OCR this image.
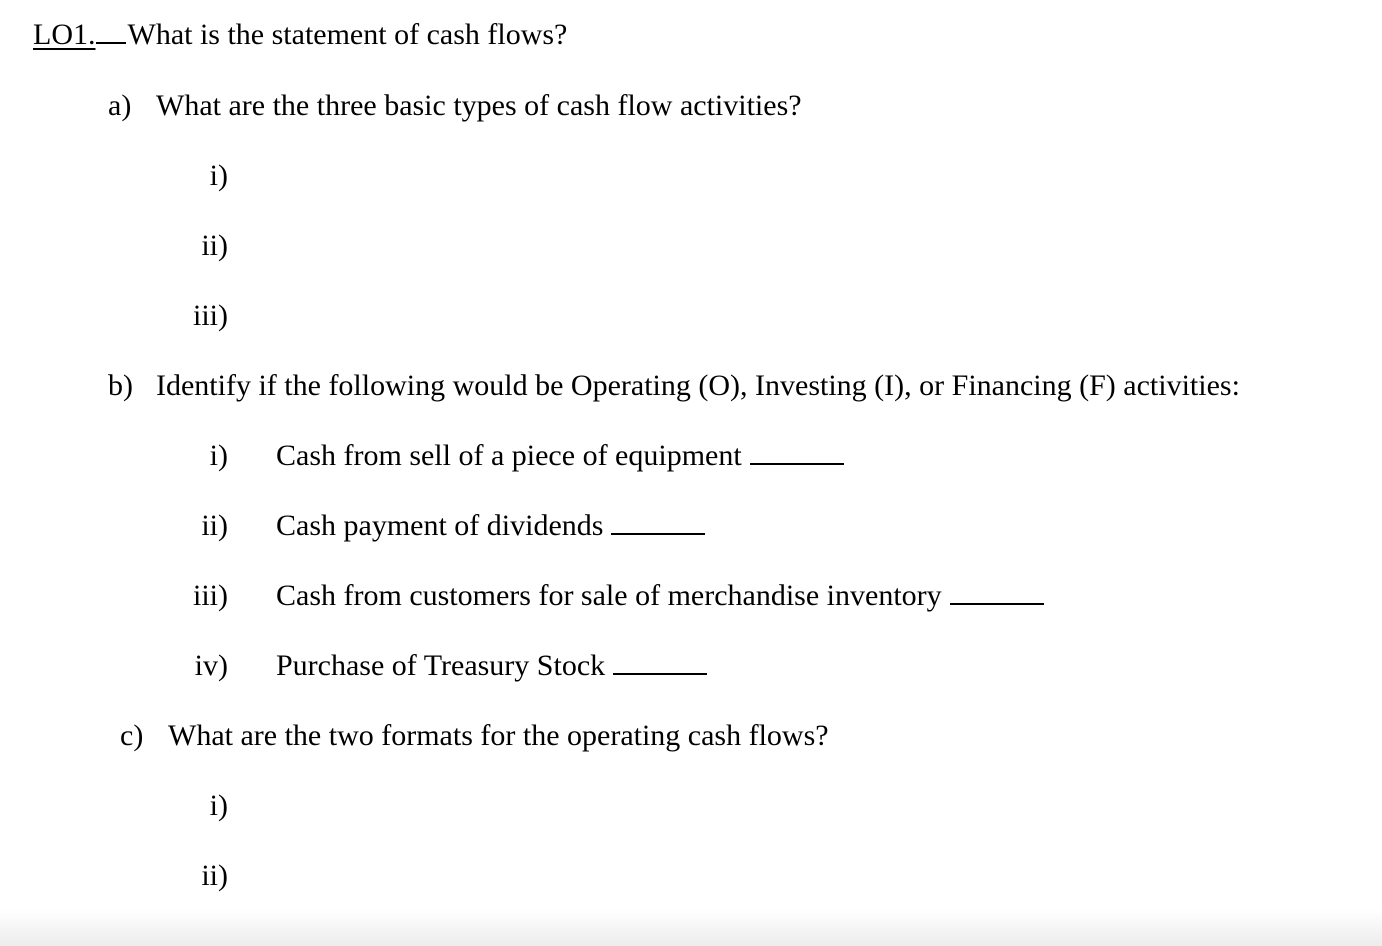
LO1. What is the statement of cash flows?
a) What are the three basic types of cash flow activities?
i)
ii)
iii)
b) Identify if the following would be Operating (O), Investing (I), or Financing (F) activities:
i) Cash from sell of a piece of equipment
ii) Cash payment of dividends
iii) Cash from customers for sale of merchandise inventory
iv) Purchase of Treasury Stock
c) What are the two formats for the operating cash flows?
i)
ii)
